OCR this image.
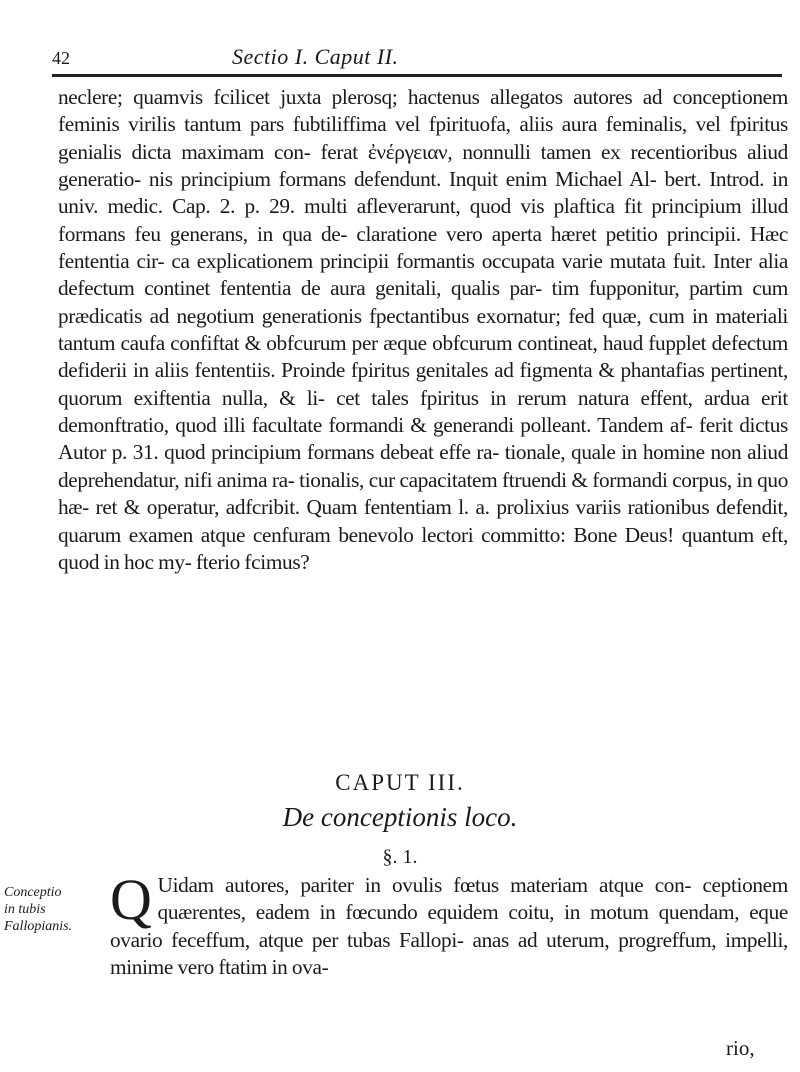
42	Sectio I. Caput II.

neclere; quamvis fcilicet juxta plerosq; hactenus allegatos autores ad conceptionem feminis virilis tantum pars fubtiliffima vel fpirituofa, aliis aura feminalis, vel fpiritus genialis dicta maximam con- ferat ἐνέργειαν, nonnulli tamen ex recentioribus aliud generatio- nis principium formans defendunt. Inquit enim Michael Al- bert. Introd. in univ. medic. Cap. 2. p. 29. multi afleverarunt, quod vis plaftica fit principium illud formans feu generans, in qua de- claratione vero aperta hæret petitio principii. Hæc fententia cir- ca explicationem principii formantis occupata varie mutata fuit. Inter alia defectum continet fententia de aura genitali, qualis par- tim fupponitur, partim cum prædicatis ad negotium generationis fpectantibus exornatur; fed quæ, cum in materiali tantum caufa confiftat & obfcurum per æque obfcurum contineat, haud fupplet defectum defiderii in aliis fententiis. Proinde fpiritus genitales ad figmenta & phantafias pertinent, quorum exiftentia nulla, & li- cet tales fpiritus in rerum natura effent, ardua erit demonftratio, quod illi facultate formandi & generandi polleant. Tandem af- ferit dictus Autor p. 31. quod principium formans debeat effe ra- tionale, quale in homine non aliud deprehendatur, nifi anima ra- tionalis, cur capacitatem ftruendi & formandi corpus, in quo hæ- ret & operatur, adfcribit. Quam fententiam l. a. prolixius variis rationibus defendit, quarum examen atque cenfuram benevolo lectori committo: Bone Deus! quantum eft, quod in hoc my- fterio fcimus?

CAPUT III.
De conceptionis loco.
§. 1.
Conceptio
in tubis
Fallopianis. Q Uidam autores, pariter in ovulis fœtus materiam atque con- ceptionem quærentes, eadem in fœcundo equidem coitu, in motum quendam, eque ovario feceffum, atque per tubas Fallopi- anas ad uterum, progreffum, impelli, minime vero ftatim in ova-

rio,
